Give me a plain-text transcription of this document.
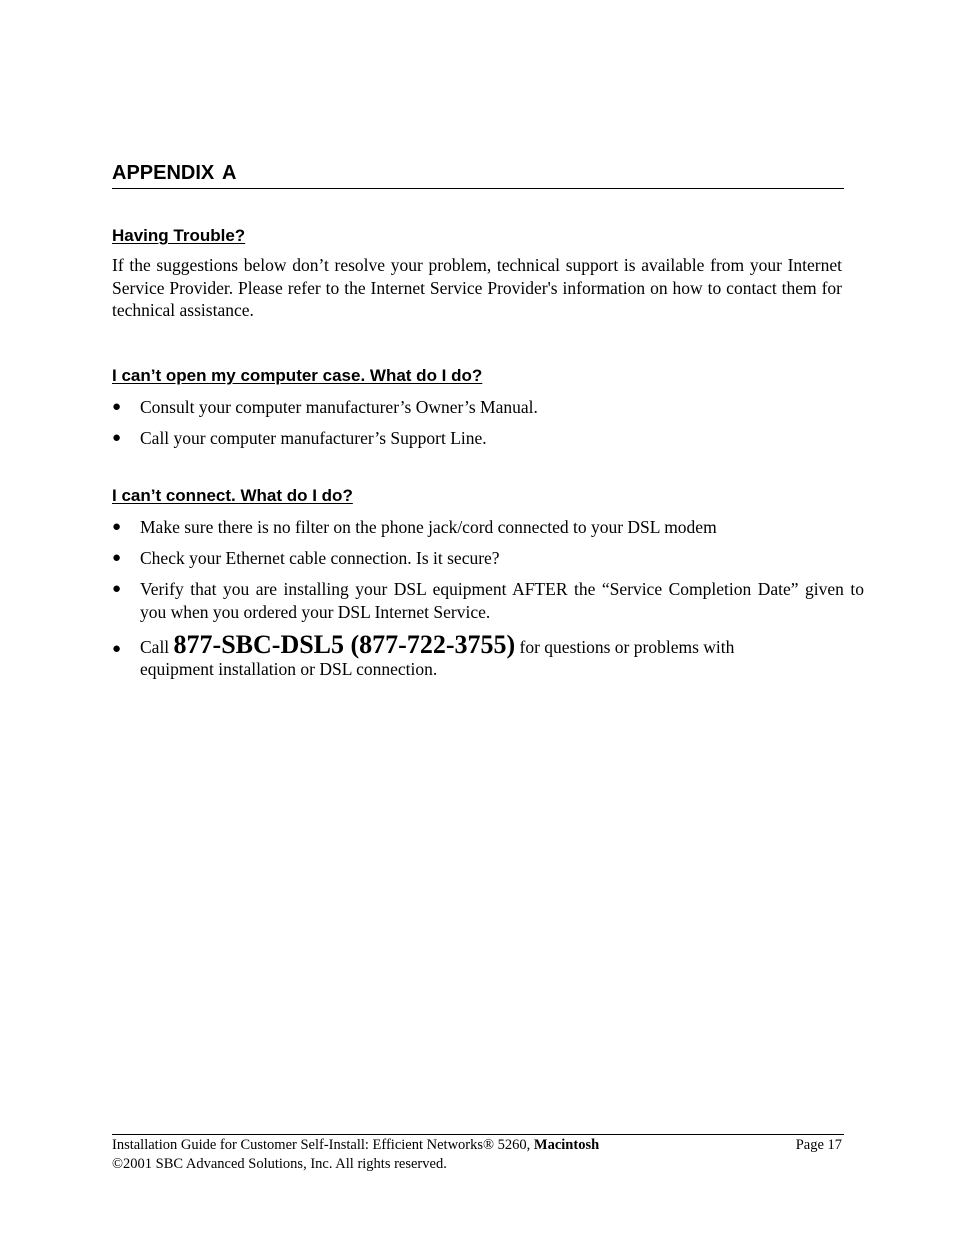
APPENDIX A
Having Trouble?
If the suggestions below don’t resolve your problem, technical support is available from your Internet Service Provider. Please refer to the Internet Service Provider's information on how to contact them for technical assistance.
I can’t open my computer case. What do I do?
● Consult your computer manufacturer’s Owner’s Manual.
● Call your computer manufacturer’s Support Line.
I can’t connect. What do I do?
● Make sure there is no filter on the phone jack/cord connected to your DSL modem
● Check your Ethernet cable connection. Is it secure?
● Verify that you are installing your DSL equipment AFTER the “Service Completion Date” given to you when you ordered your DSL Internet Service.
● Call 877-SBC-DSL5 (877-722-3755) for questions or problems with equipment installation or DSL connection.
Installation Guide for Customer Self-Install: Efficient Networks® 5260, Macintosh	Page 17
©2001 SBC Advanced Solutions, Inc. All rights reserved.
